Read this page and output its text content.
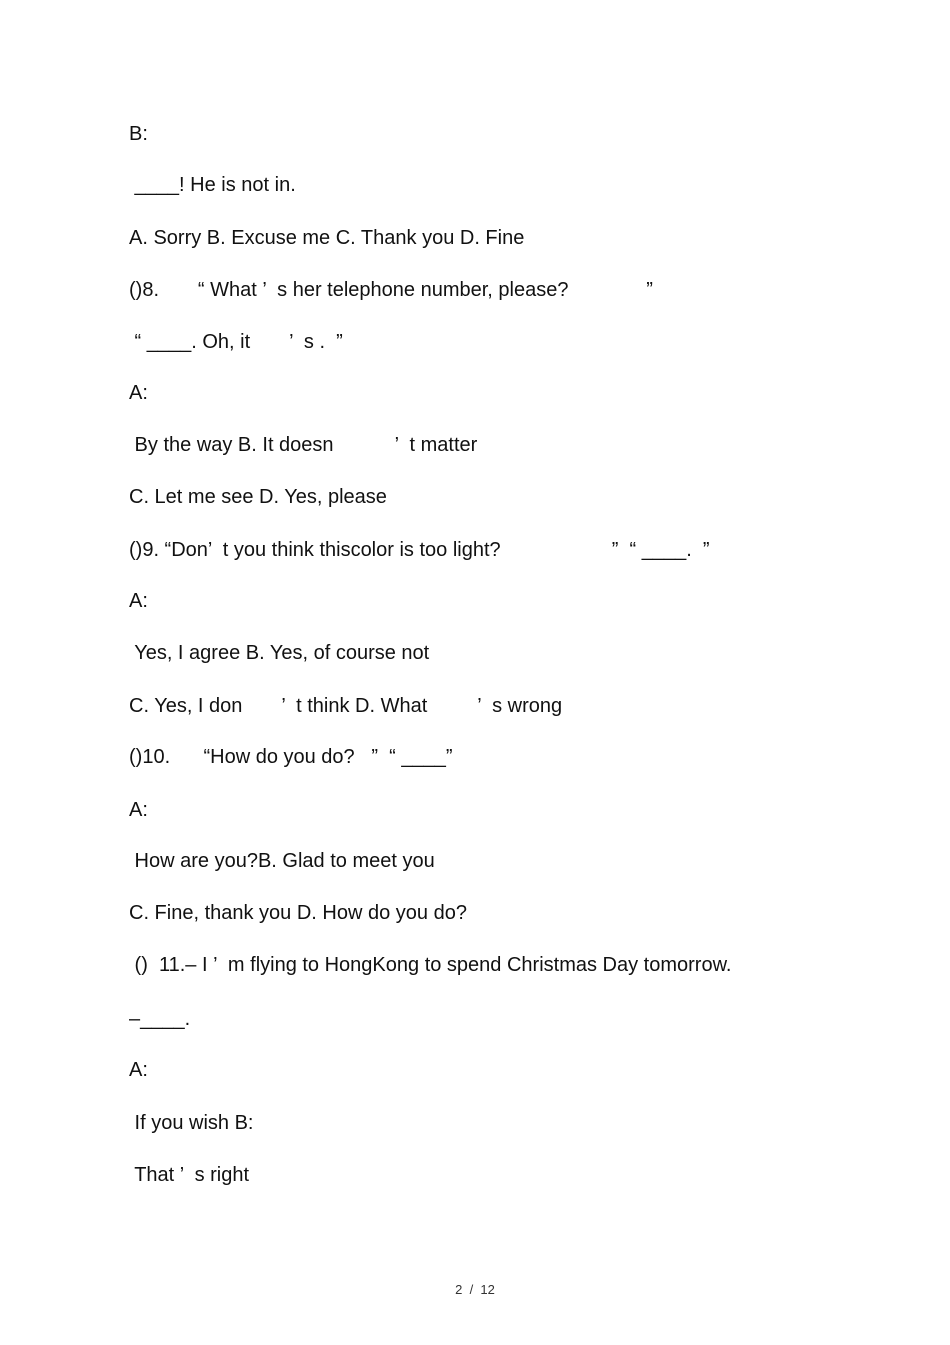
B:

____! He is not in.

A. Sorry B. Excuse me C. Thank you D. Fine

()8.       “ What ’  s her telephone number, please?              ”

“ ____. Oh, it       ’  s .  ”

A:

By the way B. It doesn           ’  t matter

C. Let me see D. Yes, please

()9. “Don’  t you think thiscolor is too light?                    ”  “ ____.  ”

A:

Yes, I agree B. Yes, of course not

C. Yes, I don       ’  t think D. What         ’  s wrong

()10.      “How do you do?   ”  “ ____”

A:

How are you?B. Glad to meet you

C. Fine, thank you D. How do you do?

()  11.– I ’  m flying to HongKong to spend Christmas Day tomorrow.

–____.

A:

If you wish B:

That ’  s right

2  /  12
